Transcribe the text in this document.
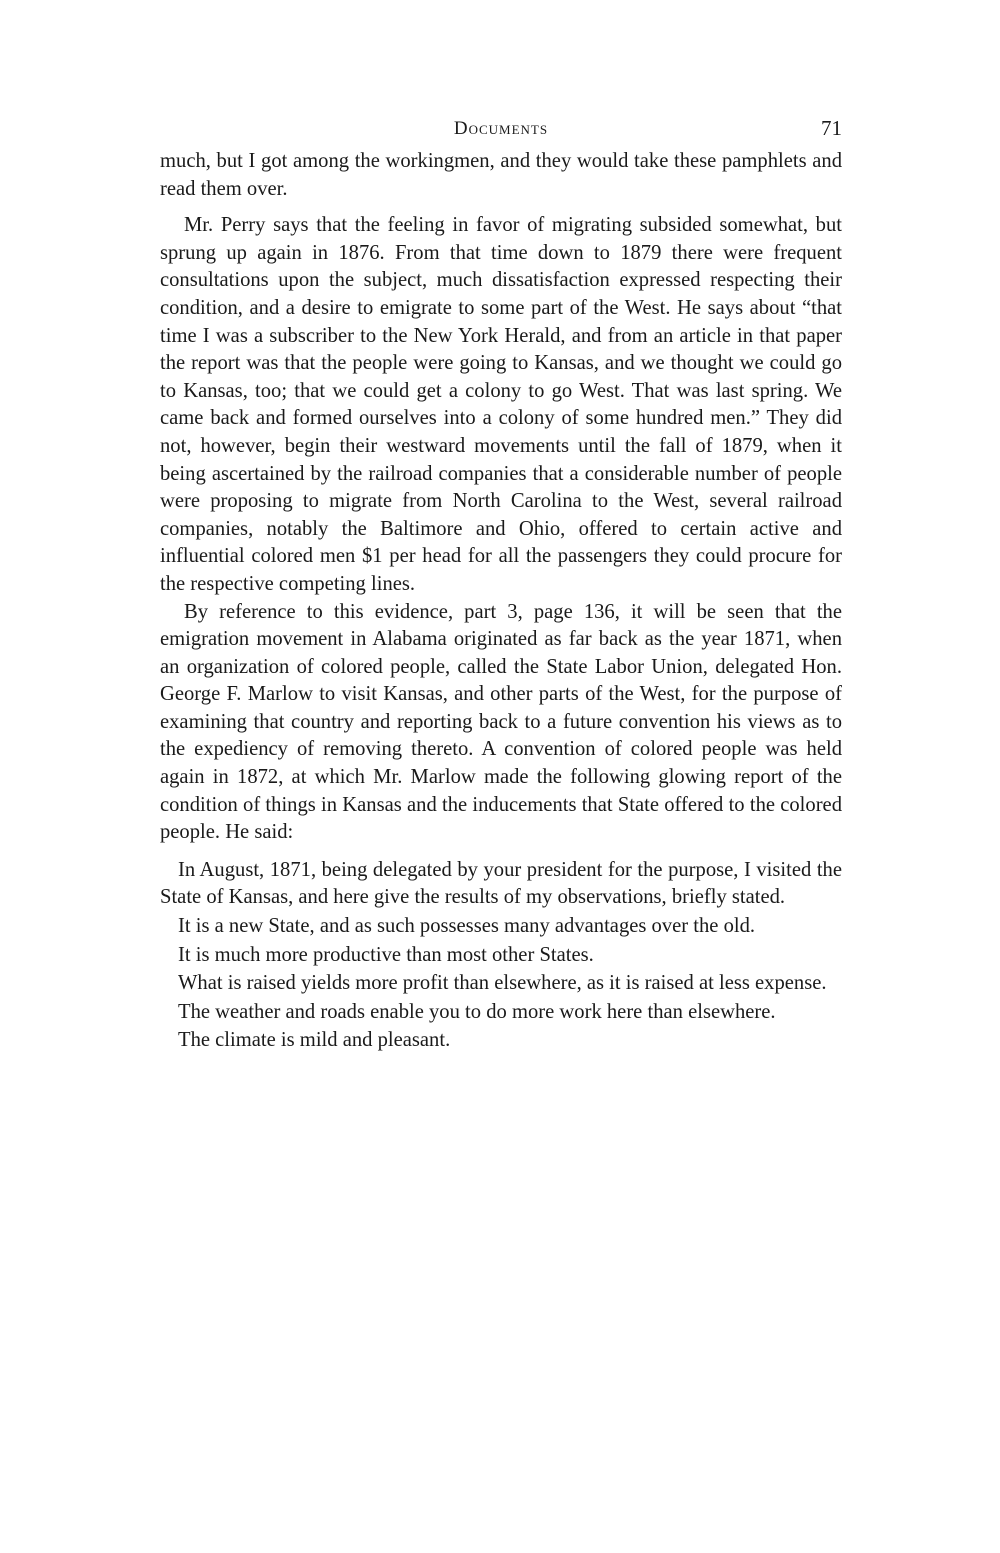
Documents	71

much, but I got among the workingmen, and they would take these pamphlets and read them over.

Mr. Perry says that the feeling in favor of migrating subsided somewhat, but sprung up again in 1876. From that time down to 1879 there were frequent consultations upon the subject, much dissatisfaction expressed respecting their condition, and a desire to emigrate to some part of the West. He says about “that time I was a subscriber to the New York Herald, and from an article in that paper the report was that the people were going to Kansas, and we thought we could go to Kansas, too; that we could get a colony to go West. That was last spring. We came back and formed ourselves into a colony of some hundred men.” They did not, however, begin their westward movements until the fall of 1879, when it being ascertained by the railroad companies that a considerable number of people were proposing to migrate from North Carolina to the West, several railroad companies, notably the Baltimore and Ohio, offered to certain active and influential colored men $1 per head for all the passengers they could procure for the respective competing lines.

By reference to this evidence, part 3, page 136, it will be seen that the emigration movement in Alabama originated as far back as the year 1871, when an organization of colored people, called the State Labor Union, delegated Hon. George F. Marlow to visit Kansas, and other parts of the West, for the purpose of examining that country and reporting back to a future convention his views as to the expediency of removing thereto. A convention of colored people was held again in 1872, at which Mr. Marlow made the following glowing report of the condition of things in Kansas and the inducements that State offered to the colored people. He said:

In August, 1871, being delegated by your president for the purpose, I visited the State of Kansas, and here give the results of my observations, briefly stated.

It is a new State, and as such possesses many advantages over the old.

It is much more productive than most other States.

What is raised yields more profit than elsewhere, as it is raised at less expense.

The weather and roads enable you to do more work here than elsewhere.

The climate is mild and pleasant.
